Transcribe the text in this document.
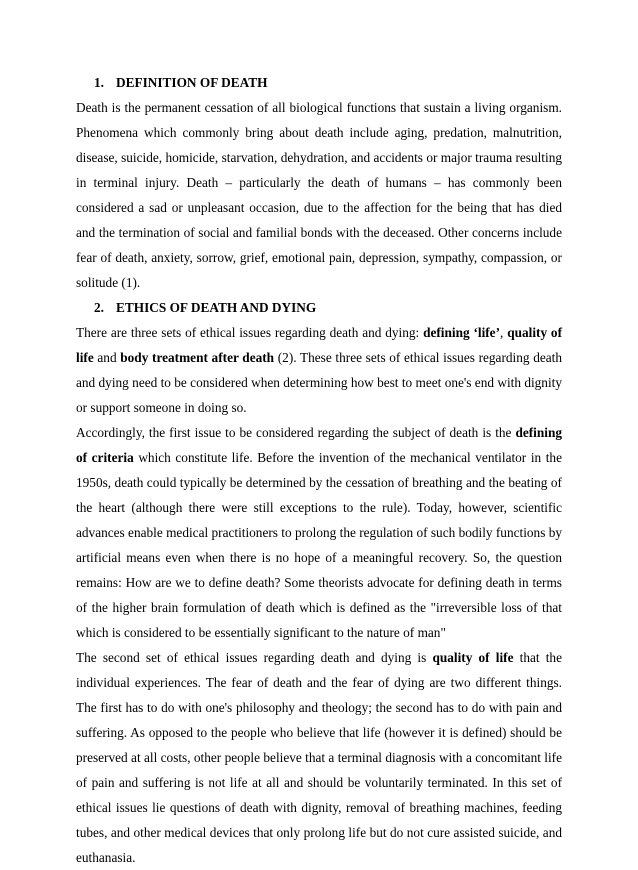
1. DEFINITION OF DEATH

Death is the permanent cessation of all biological functions that sustain a living organism. Phenomena which commonly bring about death include aging, predation, malnutrition, disease, suicide, homicide, starvation, dehydration, and accidents or major trauma resulting in terminal injury. Death – particularly the death of humans – has commonly been considered a sad or unpleasant occasion, due to the affection for the being that has died and the termination of social and familial bonds with the deceased. Other concerns include fear of death, anxiety, sorrow, grief, emotional pain, depression, sympathy, compassion, or solitude (1).

2. ETHICS OF DEATH AND DYING

There are three sets of ethical issues regarding death and dying: defining ‘life’, quality of life and body treatment after death (2). These three sets of ethical issues regarding death and dying need to be considered when determining how best to meet one's end with dignity or support someone in doing so.

Accordingly, the first issue to be considered regarding the subject of death is the defining of criteria which constitute life. Before the invention of the mechanical ventilator in the 1950s, death could typically be determined by the cessation of breathing and the beating of the heart (although there were still exceptions to the rule). Today, however, scientific advances enable medical practitioners to prolong the regulation of such bodily functions by artificial means even when there is no hope of a meaningful recovery. So, the question remains: How are we to define death? Some theorists advocate for defining death in terms of the higher brain formulation of death which is defined as the "irreversible loss of that which is considered to be essentially significant to the nature of man"

The second set of ethical issues regarding death and dying is quality of life that the individual experiences. The fear of death and the fear of dying are two different things. The first has to do with one's philosophy and theology; the second has to do with pain and suffering. As opposed to the people who believe that life (however it is defined) should be preserved at all costs, other people believe that a terminal diagnosis with a concomitant life of pain and suffering is not life at all and should be voluntarily terminated. In this set of ethical issues lie questions of death with dignity, removal of breathing machines, feeding tubes, and other medical devices that only prolong life but do not cure assisted suicide, and euthanasia.
